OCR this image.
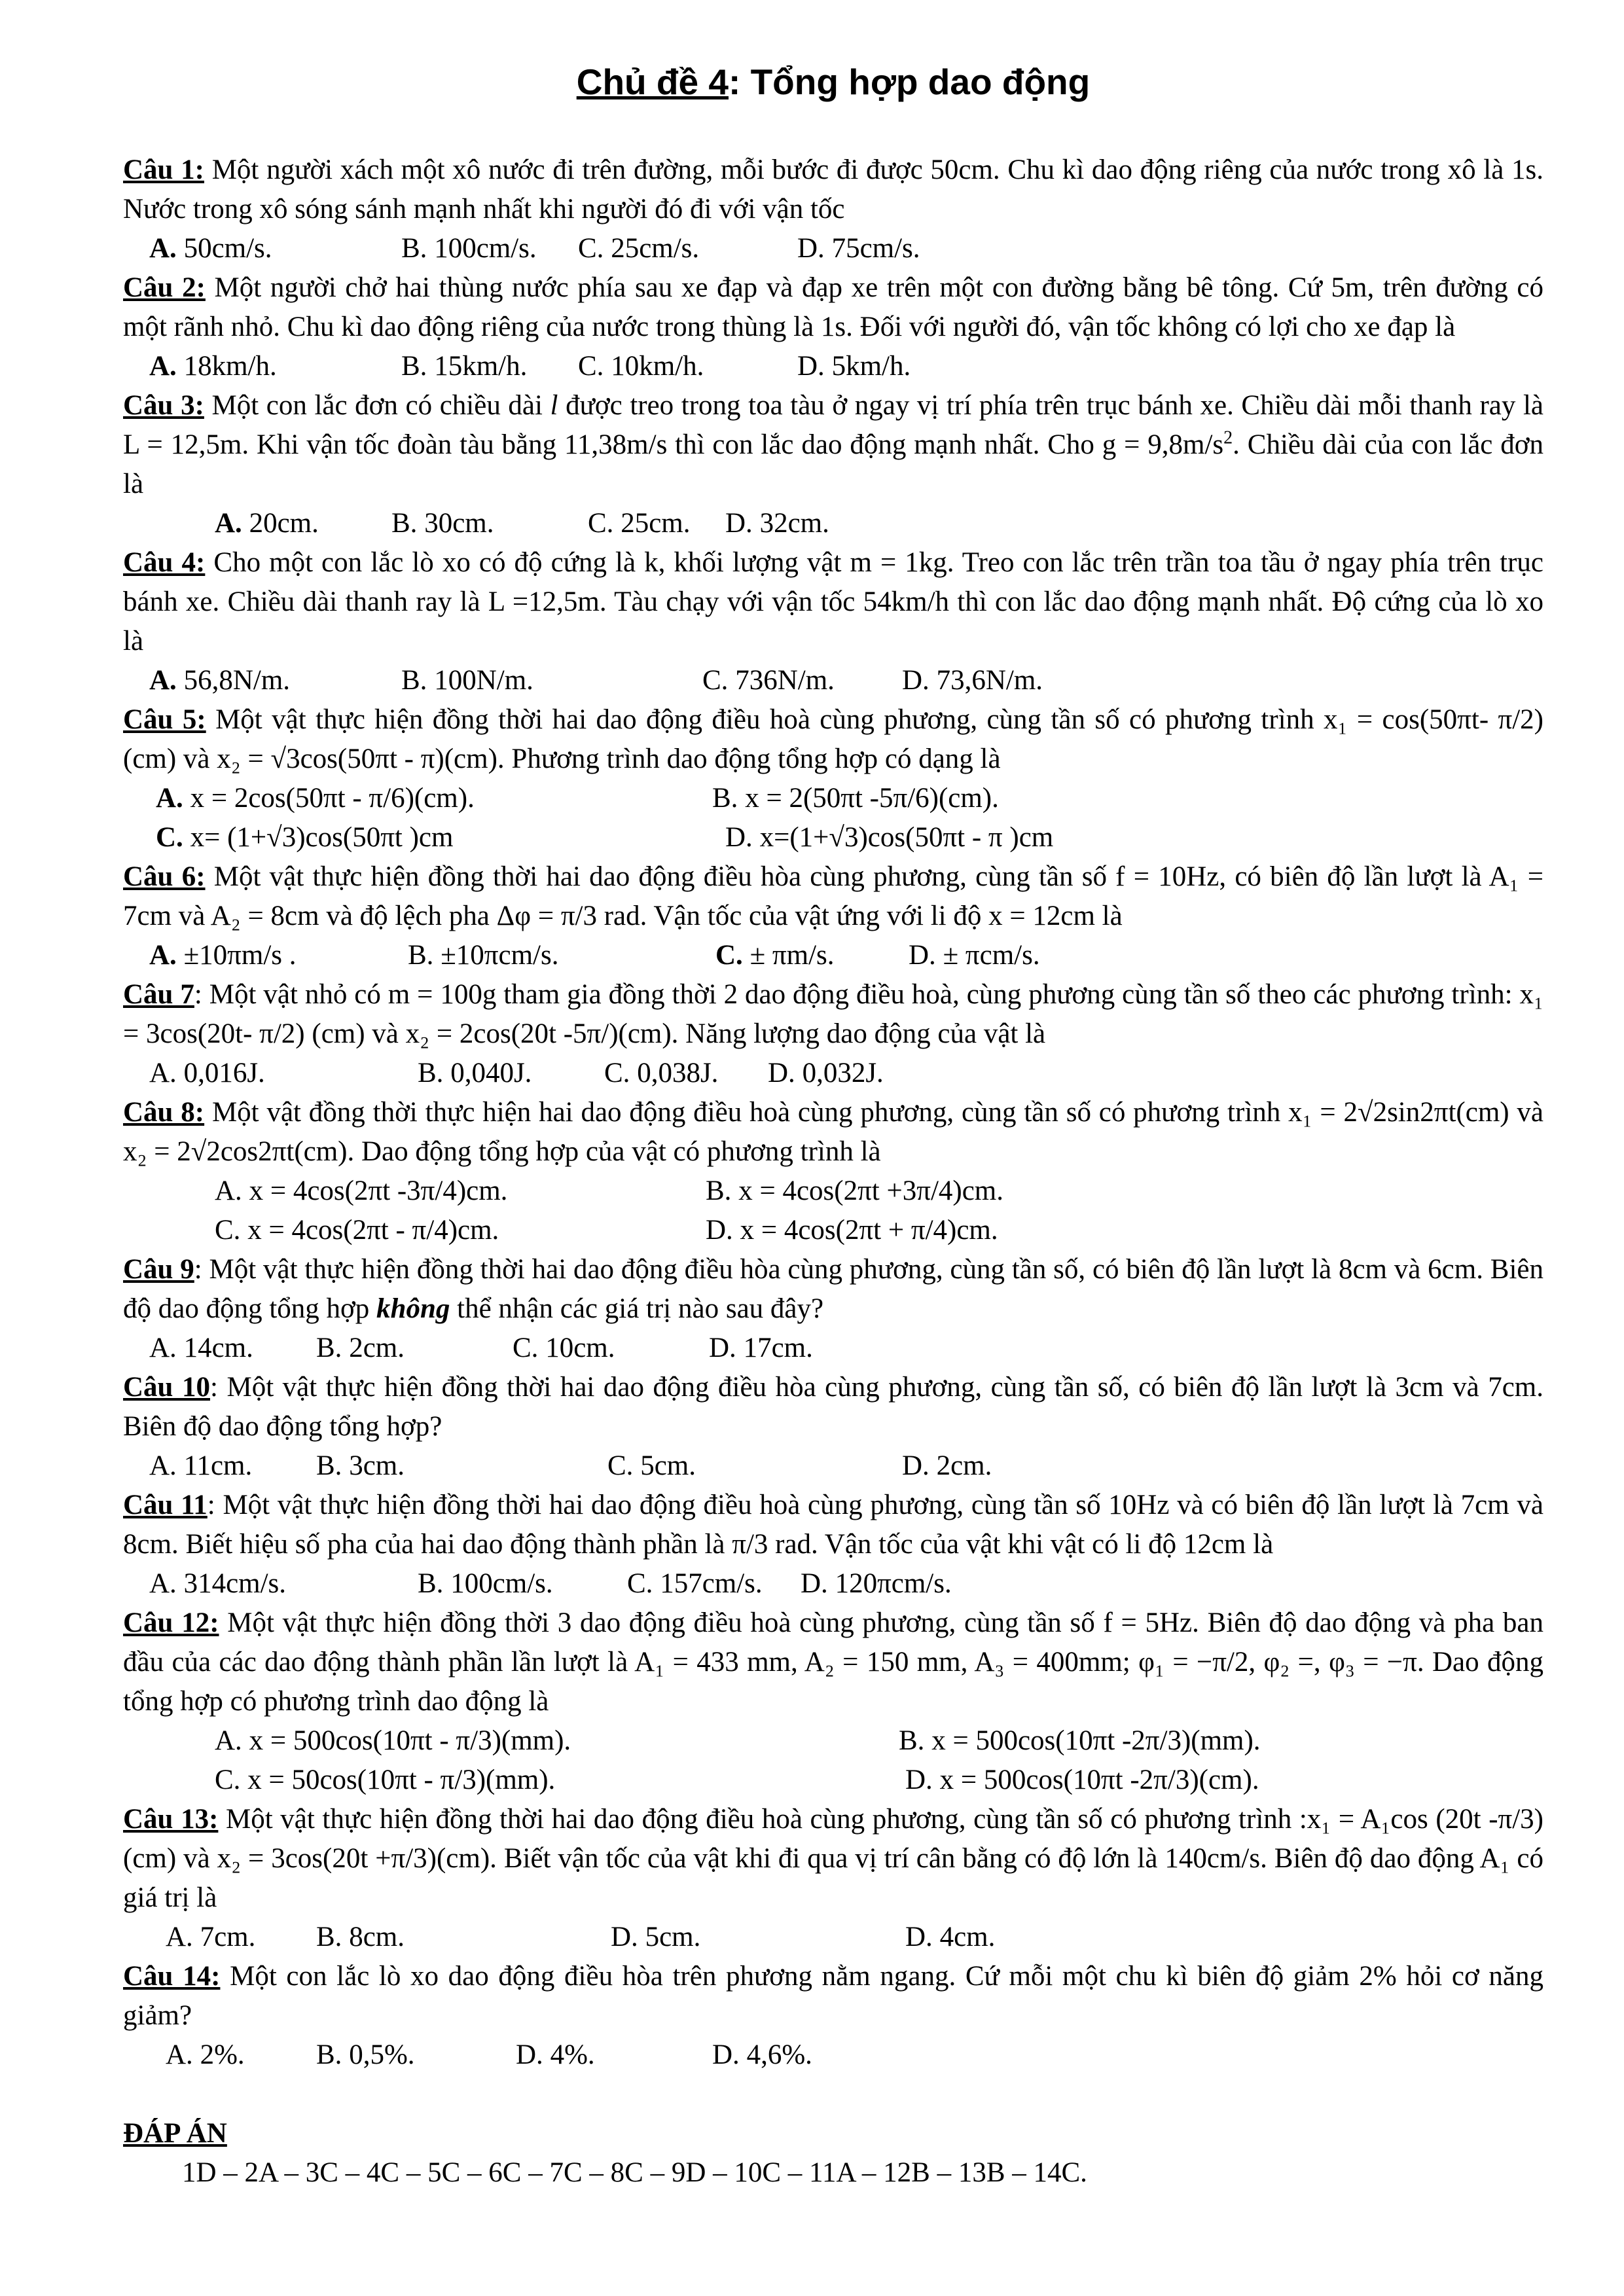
Chủ đề 4: Tổng hợp dao động
Câu 1: Một người xách một xô nước đi trên đường, mỗi bước đi được 50cm. Chu kì dao động riêng của nước trong xô là 1s. Nước trong xô sóng sánh mạnh nhất khi người đó đi với vận tốc
A. 50cm/s.	B. 100cm/s.	C. 25cm/s.	D. 75cm/s.
Câu 2: Một người chở hai thùng nước phía sau xe đạp và đạp xe trên một con đường bằng bê tông. Cứ 5m, trên đường có một rãnh nhỏ. Chu kì dao động riêng của nước trong thùng là 1s. Đối với người đó, vận tốc không có lợi cho xe đạp là
A. 18km/h.	B. 15km/h.	C. 10km/h.	D. 5km/h.
Câu 3: Một con lắc đơn có chiều dài l được treo trong toa tàu ở ngay vị trí phía trên trục bánh xe. Chiều dài mỗi thanh ray là L = 12,5m. Khi vận tốc đoàn tàu bằng 11,38m/s thì con lắc dao động mạnh nhất. Cho $g = 9,8m/s^2$. Chiều dài của con lắc đơn là
A. 20cm.	B. 30cm.	C. 25cm.	D. 32cm.
Câu 4: Cho một con lắc lò xo có độ cứng là k, khối lượng vật m = 1kg. Treo con lắc trên trần toa tầu ở ngay phía trên trục bánh xe. Chiều dài thanh ray là L =12,5m. Tàu chạy với vận tốc 54km/h thì con lắc dao động mạnh nhất. Độ cứng của lò xo là
A. 56,8N/m.	B. 100N/m.	C. 736N/m.	D. 73,6N/m.
Câu 5: Một vật thực hiện đồng thời hai dao động điều hoà cùng phương, cùng tần số có phương trình x₁ = cos(50πt- π/2) (cm) và x₂ = √3cos(50πt - π)(cm). Phương trình dao động tổng hợp có dạng là
A. x = 2cos(50πt - π/6)(cm).	B. x = 2(50πt -5π/6)(cm).
C. x= (1+√3)cos(50πt )cm	D. x=(1+√3)cos(50πt - π )cm
Câu 6: Một vật thực hiện đồng thời hai dao động điều hòa cùng phương, cùng tần số f = 10Hz, có biên độ lần lượt là A₁ = 7cm và A₂ = 8cm và độ lệch pha Δφ = π/3 rad. Vận tốc của vật ứng với li độ x = 12cm là
A. ±10πm/s .	B. ±10πcm/s.	C. ± πm/s.	D. ± πcm/s.
Câu 7: Một vật nhỏ có m = 100g tham gia đồng thời 2 dao động điều hoà, cùng phương cùng tần số theo các phương trình: x₁ = 3cos(20t- π/2) (cm) và x₂ = 2cos(20t -5π/)(cm). Năng lượng dao động của vật là
A. 0,016J.	B. 0,040J.	C. 0,038J.	D. 0,032J.
Câu 8: Một vật đồng thời thực hiện hai dao động điều hoà cùng phương, cùng tần số có phương trình x₁ = 2√2sin2πt(cm) và x₂ = 2√2cos2πt(cm). Dao động tổng hợp của vật có phương trình là
A. x = 4cos(2πt -3π/4)cm.	B. x = 4cos(2πt +3π/4)cm.
C. x = 4cos(2πt - π/4)cm.	D. x = 4cos(2πt + π/4)cm.
Câu 9: Một vật thực hiện đồng thời hai dao động điều hòa cùng phương, cùng tần số, có biên độ lần lượt là 8cm và 6cm. Biên độ dao động tổng hợp không thể nhận các giá trị nào sau đây?
A. 14cm.	B. 2cm.	C. 10cm.	D. 17cm.
Câu 10: Một vật thực hiện đồng thời hai dao động điều hòa cùng phương, cùng tần số, có biên độ lần lượt là 3cm và 7cm. Biên độ dao động tổng hợp?
A. 11cm.	B. 3cm.	C. 5cm.	D. 2cm.
Câu 11: Một vật thực hiện đồng thời hai dao động điều hoà cùng phương, cùng tần số 10Hz và có biên độ lần lượt là 7cm và 8cm. Biết hiệu số pha của hai dao động thành phần là π/3 rad. Vận tốc của vật khi vật có li độ 12cm là
A. 314cm/s.	B. 100cm/s.	C. 157cm/s.	D. 120πcm/s.
Câu 12: Một vật thực hiện đồng thời 3 dao động điều hoà cùng phương, cùng tần số f = 5Hz. Biên độ dao động và pha ban đầu của các dao động thành phần lần lượt là A₁ = 433 mm, A₂ = 150 mm, A₃ = 400mm; φ₁ = −π/2, φ₂ =, φ₃ = −π. Dao động tổng hợp có phương trình dao động là
A. x = 500cos(10πt - π/3)(mm).	B. x = 500cos(10πt -2π/3)(mm).
C. x = 50cos(10πt - π/3)(mm).	D. x = 500cos(10πt -2π/3)(cm).
Câu 13: Một vật thực hiện đồng thời hai dao động điều hoà cùng phương, cùng tần số có phương trình :x₁ = A₁cos (20t -π/3)(cm) và x₂ = 3cos(20t +π/3)(cm). Biết vận tốc của vật khi đi qua vị trí cân bằng có độ lớn là 140cm/s. Biên độ dao động A₁ có giá trị là
A. 7cm.	B. 8cm.	D. 5cm.	D. 4cm.
Câu 14: Một con lắc lò xo dao động điều hòa trên phương nằm ngang. Cứ mỗi một chu kì biên độ giảm 2% hỏi cơ năng giảm?
A. 2%.	B. 0,5%.	D. 4%.	D. 4,6%.
ĐÁP ÁN
1D – 2A – 3C – 4C – 5C – 6C – 7C – 8C – 9D – 10C – 11A – 12B – 13B – 14C.
